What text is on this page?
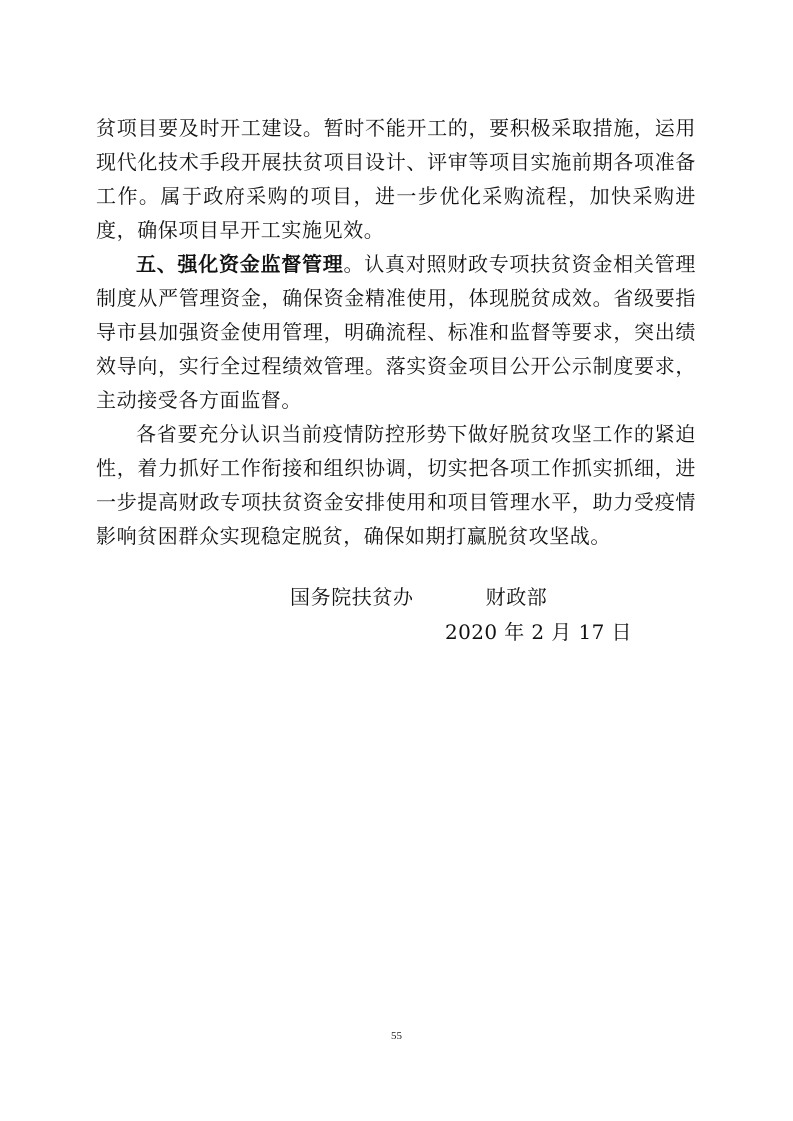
贫项目要及时开工建设。暂时不能开工的，要积极采取措施，运用现代化技术手段开展扶贫项目设计、评审等项目实施前期各项准备工作。属于政府采购的项目，进一步优化采购流程，加快采购进度，确保项目早开工实施见效。

五、强化资金监督管理。认真对照财政专项扶贫资金相关管理制度从严管理资金，确保资金精准使用，体现脱贫成效。省级要指导市县加强资金使用管理，明确流程、标准和监督等要求，突出绩效导向，实行全过程绩效管理。落实资金项目公开公示制度要求，主动接受各方面监督。

各省要充分认识当前疫情防控形势下做好脱贫攻坚工作的紧迫性，着力抓好工作衔接和组织协调，切实把各项工作抓实抓细，进一步提高财政专项扶贫资金安排使用和项目管理水平，助力受疫情影响贫困群众实现稳定脱贫，确保如期打赢脱贫攻坚战。

国务院扶贫办	财政部
2020 年 2 月 17 日
55
